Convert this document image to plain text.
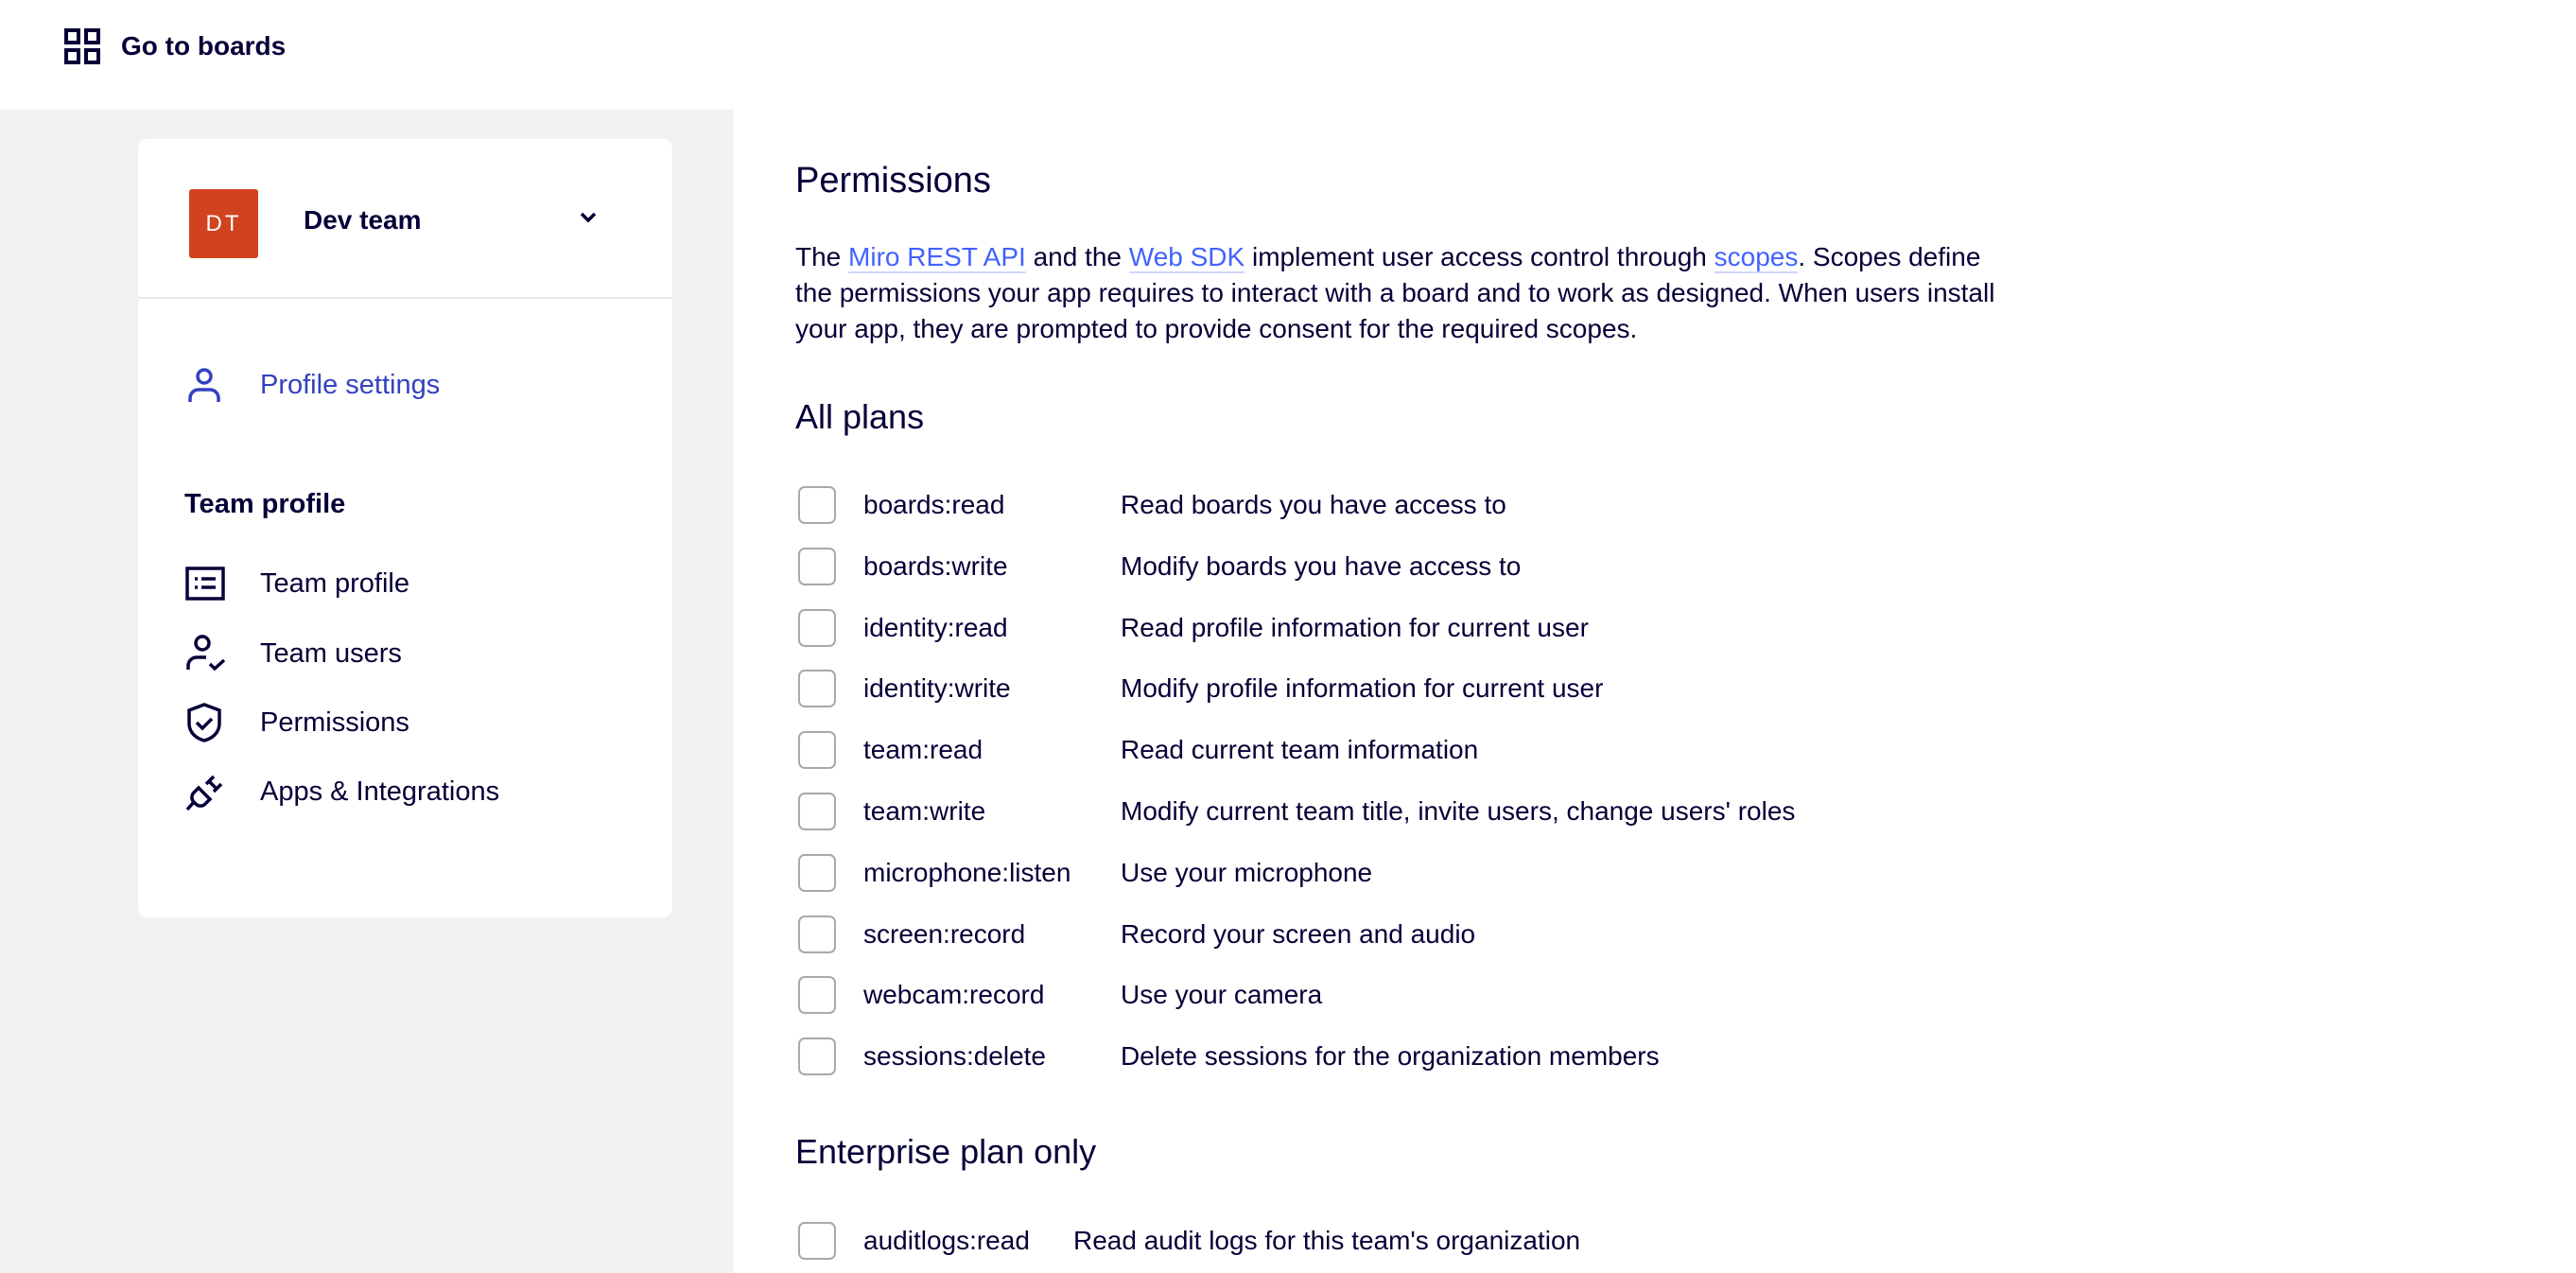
Go to boards
DT	Dev team
Profile settings
Team profile
Team profile
Team users
Permissions
Apps & Integrations
Permissions

The Miro REST API and the Web SDK implement user access control through scopes. Scopes define the permissions your app requires to interact with a board and to work as designed. When users install your app, they are prompted to provide consent for the required scopes.

All plans
boards:read	Read boards you have access to
boards:write	Modify boards you have access to
identity:read	Read profile information for current user
identity:write	Modify profile information for current user
team:read	Read current team information
team:write	Modify current team title, invite users, change users' roles
microphone:listen Use your microphone
screen:record	Record your screen and audio
webcam:record	Use your camera
sessions:delete	Delete sessions for the organization members
Enterprise plan only
auditlogs:read Read audit logs for this team's organization
